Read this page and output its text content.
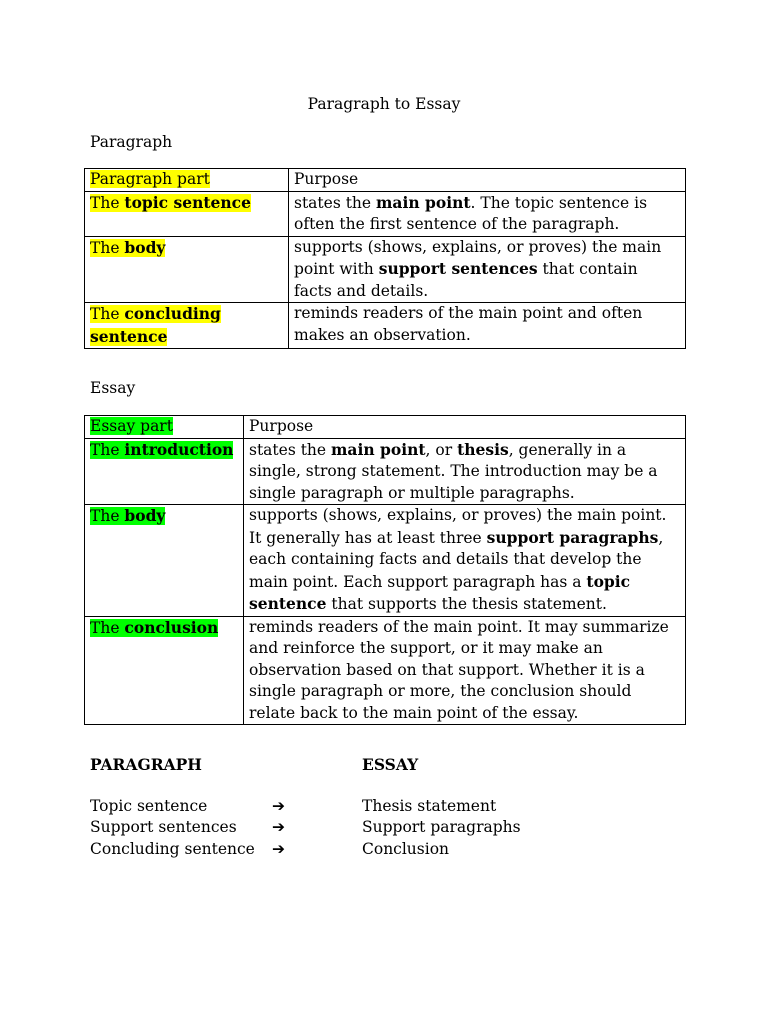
Paragraph to Essay
Paragraph
Paragraph part	Purpose
The topic sentence	states the main point. The topic sentence is often the first sentence of the paragraph.
The body	supports (shows, explains, or proves) the main point with support sentences that contain facts and details.
The concluding sentence	reminds readers of the main point and often makes an observation.
Essay
Essay part	Purpose
The introduction	states the main point, or thesis, generally in a single, strong statement. The introduction may be a single paragraph or multiple paragraphs.
The body	supports (shows, explains, or proves) the main point. It generally has at least three support paragraphs, each containing facts and details that develop the main point. Each support paragraph has a topic sentence that supports the thesis statement.
The conclusion	reminds readers of the main point. It may summarize and reinforce the support, or it may make an observation based on that support. Whether it is a single paragraph or more, the conclusion should relate back to the main point of the essay.
PARAGRAPH	ESSAY
Topic sentence	➔	Thesis statement
Support sentences ➔	Support paragraphs
Concluding sentence ➔	Conclusion
